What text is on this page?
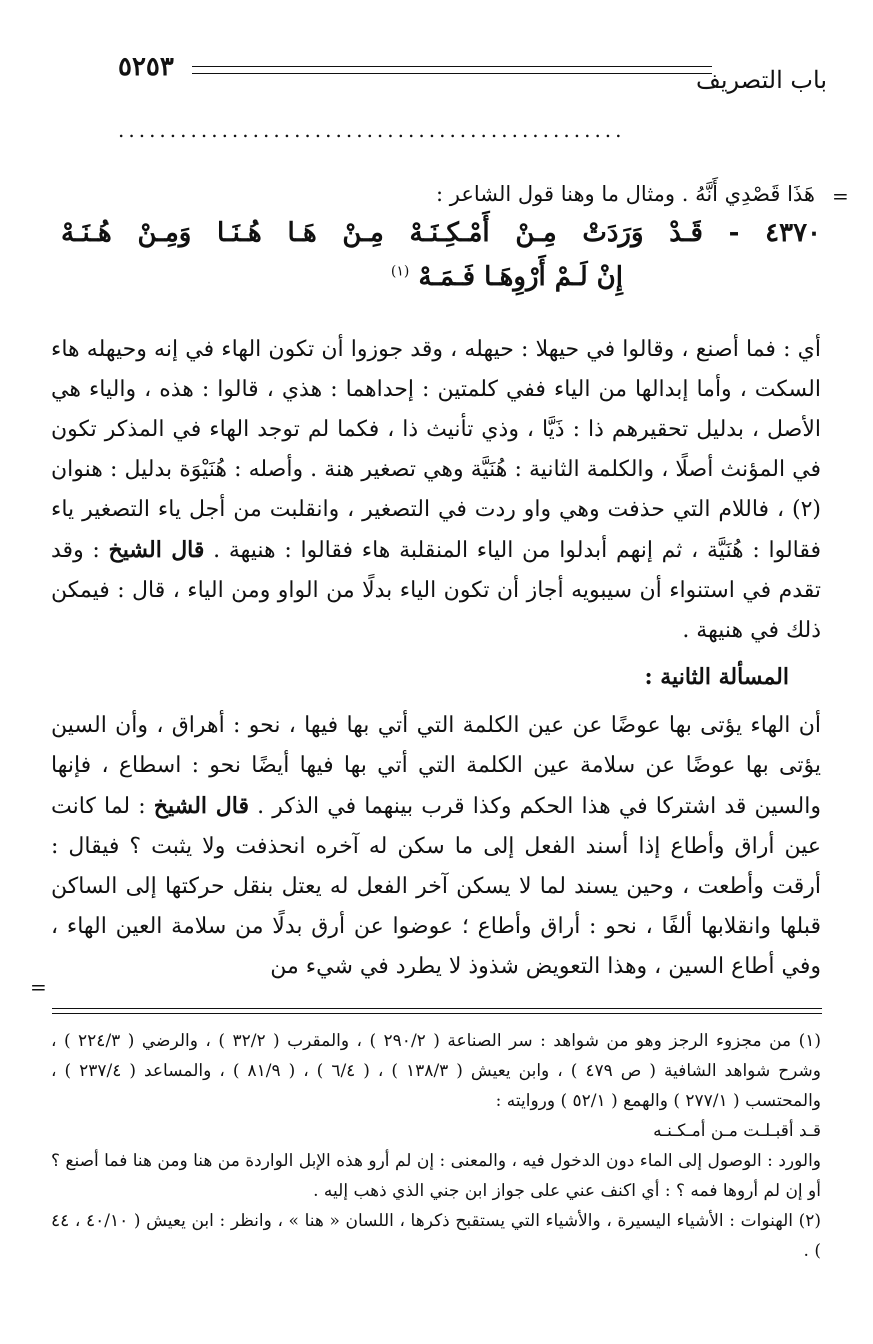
باب التصريف
٥٢٥٣
.................................................
=
هَذَا قَصْدِي أَنَّهُ . ومثال ما وهنا قول الشاعر :
٤٣٧٠ - قَـدْ وَرَدَتْ مِـنْ أَمْـكِـنَـهْ مِـنْ هَـا هُـنَـا وَمِـنْ هُـنَـهْ
إِنْ لَـمْ أَرْوِهَـا فَـمَـهْ $^{(١)}$
أي : فما أصنع ، وقالوا في حيهلا : حيهله ، وقد جوزوا أن تكون الهاء في إنه وحيهله هاء السكت ، وأما إبدالها من الياء ففي كلمتين : إحداهما : هذي ، قالوا : هذه ، والياء هي الأصل ، بدليل تحقيرهم ذا : ذَيَّا ، وذي تأنيث ذا ، فكما لم توجد الهاء في المذكر تكون في المؤنث أصلًا ، والكلمة الثانية : هُنَيَّة وهي تصغير هنة . وأصله : هُنَيْوَة بدليل : هنوان (٢) ، فاللام التي حذفت وهي واو ردت في التصغير ، وانقلبت من أجل ياء التصغير ياء فقالوا : هُنَيَّة ، ثم إنهم أبدلوا من الياء المنقلبة هاء فقالوا : هنيهة . قال الشيخ : وقد تقدم في استنواء أن سيبويه أجاز أن تكون الياء بدلًا من الواو ومن الياء ، قال : فيمكن ذلك في هنيهة .
المسألة الثانية :
أن الهاء يؤتى بها عوضًا عن عين الكلمة التي أتي بها فيها ، نحو : أهراق ، وأن السين يؤتى بها عوضًا عن سلامة عين الكلمة التي أتي بها فيها أيضًا نحو : اسطاع ، فإنها والسين قد اشتركا في هذا الحكم وكذا قرب بينهما في الذكر . قال الشيخ : لما كانت عين أراق وأطاع إذا أسند الفعل إلى ما سكن له آخره انحذفت ولا يثبت ؟ فيقال : أرقت وأطعت ، وحين يسند لما لا يسكن آخر الفعل له يعتل بنقل حركتها إلى الساكن قبلها وانقلابها ألفًا ، نحو : أراق وأطاع ؛ عوضوا عن أرق بدلًا من سلامة العين الهاء ، وفي أطاع السين ، وهذا التعويض شذوذ لا يطرد في شيء من
=
(١) من مجزوء الرجز وهو من شواهد : سر الصناعة ( ٢٩٠/٢ ) ، والمقرب ( ٣٢/٢ ) ، والرضي ( ٢٢٤/٣ ) ، وشرح شواهد الشافية ( ص ٤٧٩ ) ، وابن يعيش ( ١٣٨/٣ ) ، ( ٦/٤ ) ، ( ٨١/٩ ) ، والمساعد ( ٢٣٧/٤ ) ، والمحتسب ( ٢٧٧/١ ) والهمع ( ٥٢/١ ) وروايته :
قـد أقبـلـت مـن أمـكـنـه
والورد : الوصول إلى الماء دون الدخول فيه ، والمعنى : إن لم أرو هذه الإبل الواردة من هنا ومن هنا فما أصنع ؟ أو إن لم أروها فمه ؟ : أي اكنف عني على جواز ابن جني الذي ذهب إليه .
(٢) الهنوات : الأشياء اليسيرة ، والأشياء التي يستقبح ذكرها ، اللسان « هنا » ، وانظر : ابن يعيش ( ٤٠/١٠ ، ٤٤ ) .
